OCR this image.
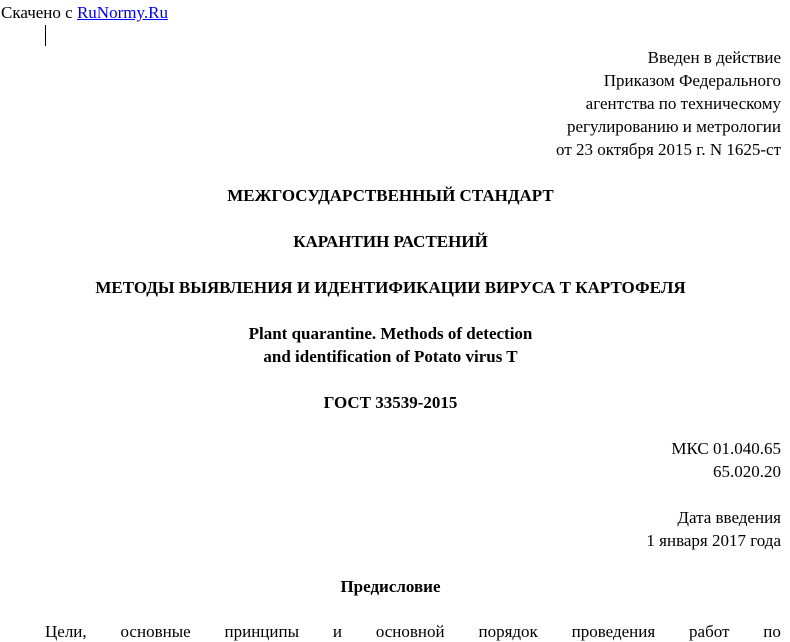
Скачено с RuNormy.Ru
Введен в действие
Приказом Федерального
агентства по техническому
регулированию и метрологии
от 23 октября 2015 г. N 1625-ст
МЕЖГОСУДАРСТВЕННЫЙ СТАНДАРТ
КАРАНТИН РАСТЕНИЙ
МЕТОДЫ ВЫЯВЛЕНИЯ И ИДЕНТИФИКАЦИИ ВИРУСА Т КАРТОФЕЛЯ
Plant quarantine. Methods of detection
and identification of Potato virus T
ГОСТ 33539-2015
МКС 01.040.65
65.020.20
Дата введения
1 января 2017 года
Предисловие
Цели, основные принципы и основной порядок проведения работ по
